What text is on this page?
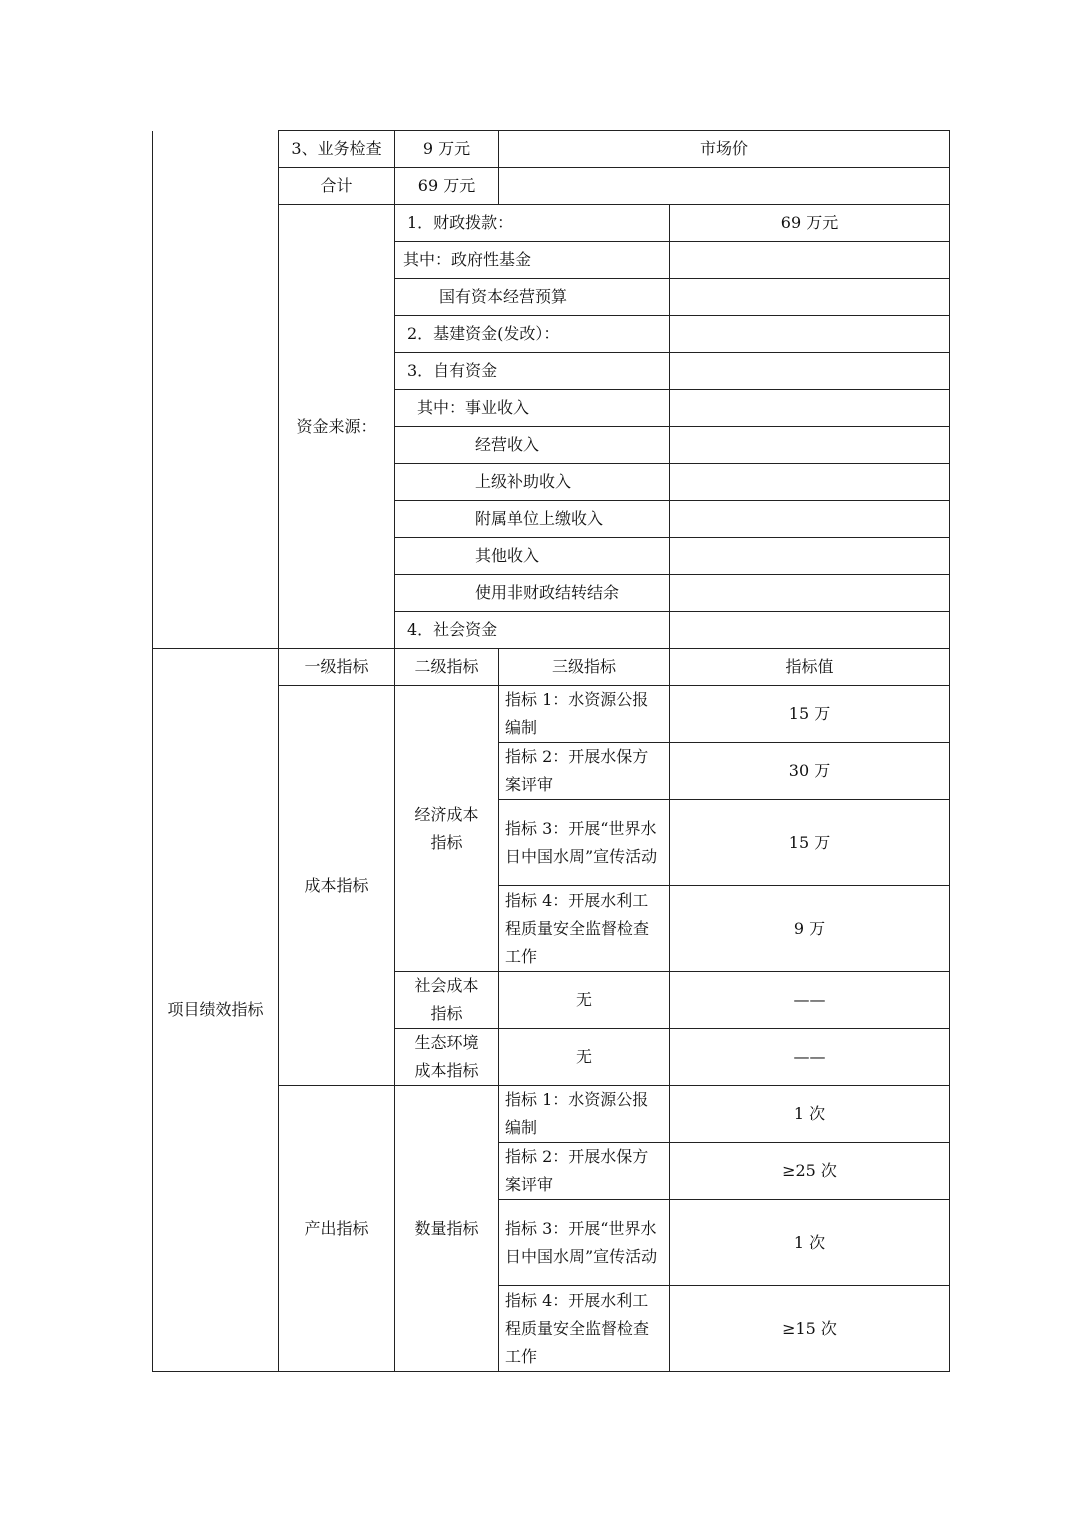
	3、业务检查	9 万元	市场价	
	合计	69 万元		
	资金来源：	1．财政拨款：		69 万元
		其中：政府性基金		
		国有资本经营预算		
		2．基建资金(发改）：		
		3．自有资金		
		其中：事业收入		
		经营收入		
		上级补助收入		
		附属单位上缴收入		
		其他收入		
		使用非财政结转结余		
		4．社会资金		
项目绩效指标	一级指标	二级指标	三级指标	指标值
	成本指标	经济成本指标	指标 1：水资源公报编制	15 万
			指标 2：开展水保方案评审	30 万
			指标 3：开展“世界水日中国水周”宣传活动	15 万
			指标 4：开展水利工程质量安全监督检查工作	9 万
		社会成本指标	无	——
		生态环境成本指标	无	——
	产出指标	数量指标	指标 1：水资源公报编制	1 次
			指标 2：开展水保方案评审	≥25 次
			指标 3：开展“世界水日中国水周”宣传活动	1 次
			指标 4：开展水利工程质量安全监督检查工作	≥15 次
